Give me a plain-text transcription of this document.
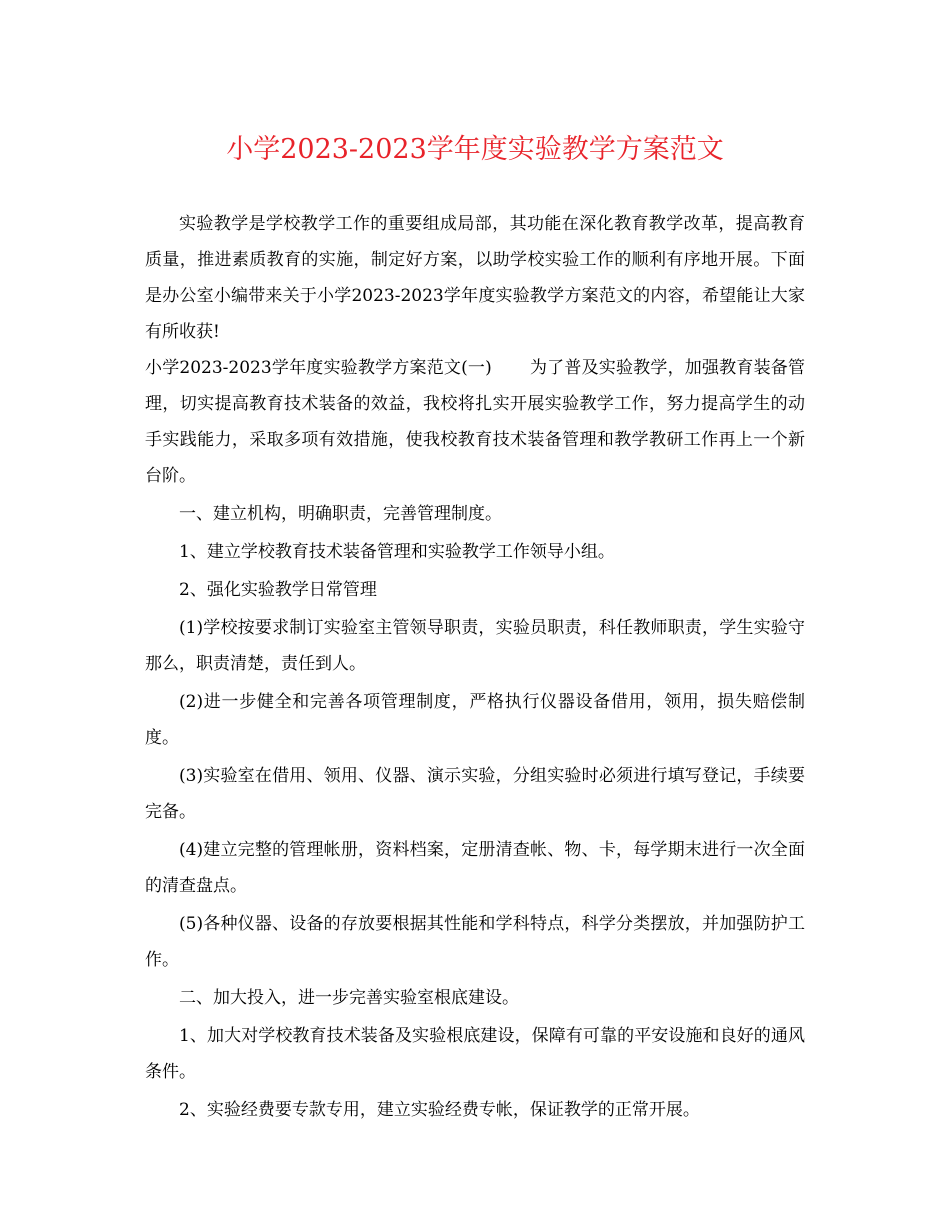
小学2023-2023学年度实验教学方案范文

实验教学是学校教学工作的重要组成局部，其功能在深化教育教学改革，提高教育质量，推进素质教育的实施，制定好方案，以助学校实验工作的顺利有序地开展。下面是办公室小编带来关于小学2023-2023学年度实验教学方案范文的内容，希望能让大家有所收获!

小学2023-2023学年度实验教学方案范文(一) 为了普及实验教学，加强教育装备管理，切实提高教育技术装备的效益，我校将扎实开展实验教学工作，努力提高学生的动手实践能力，采取多项有效措施，使我校教育技术装备管理和教学教研工作再上一个新台阶。

一、建立机构，明确职责，完善管理制度。

1、建立学校教育技术装备管理和实验教学工作领导小组。

2、强化实验教学日常管理

(1)学校按要求制订实验室主管领导职责，实验员职责，科任教师职责，学生实验守那么，职责清楚，责任到人。

(2)进一步健全和完善各项管理制度，严格执行仪器设备借用，领用，损失赔偿制度。

(3)实验室在借用、领用、仪器、演示实验，分组实验时必须进行填写登记，手续要完备。

(4)建立完整的管理帐册，资料档案，定册清查帐、物、卡，每学期末进行一次全面的清查盘点。

(5)各种仪器、设备的存放要根据其性能和学科特点，科学分类摆放，并加强防护工作。

二、加大投入，进一步完善实验室根底建设。

1、加大对学校教育技术装备及实验根底建设，保障有可靠的平安设施和良好的通风条件。

2、实验经费要专款专用，建立实验经费专帐，保证教学的正常开展。
